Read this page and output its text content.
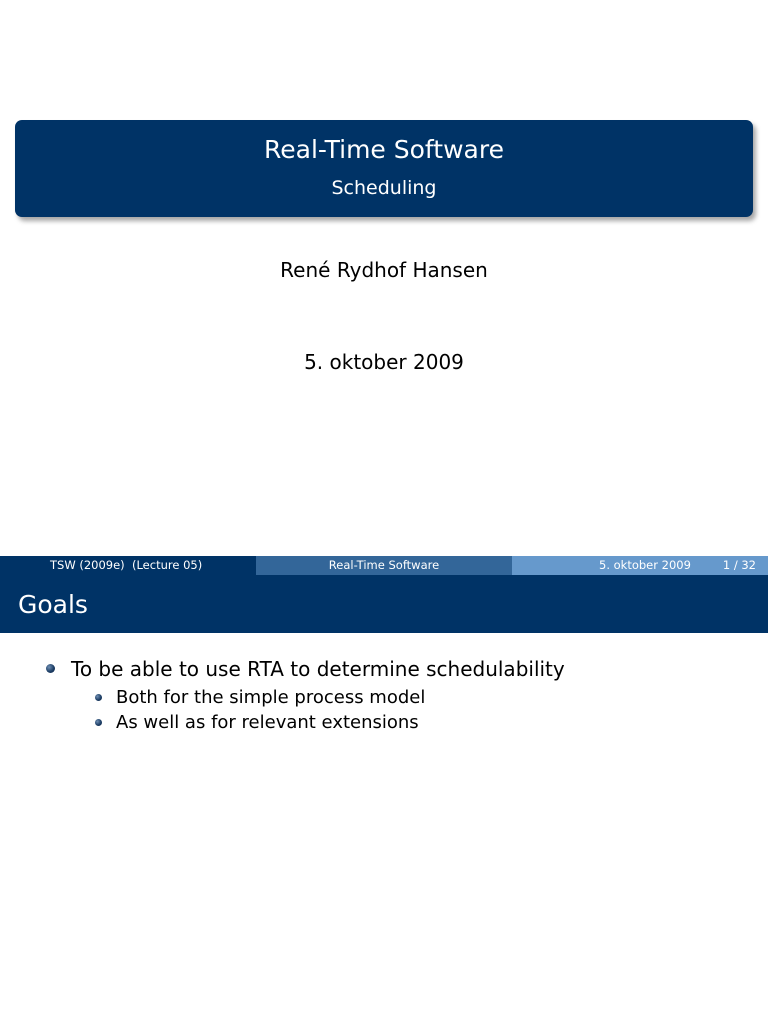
Real-Time Software
Scheduling
René Rydhof Hansen
5. oktober 2009
TSW (2009e)  (Lecture 05)	Real-Time Software	5. oktober 2009	1 / 32
Goals
To be able to use RTA to determine schedulability
Both for the simple process model
As well as for relevant extensions
